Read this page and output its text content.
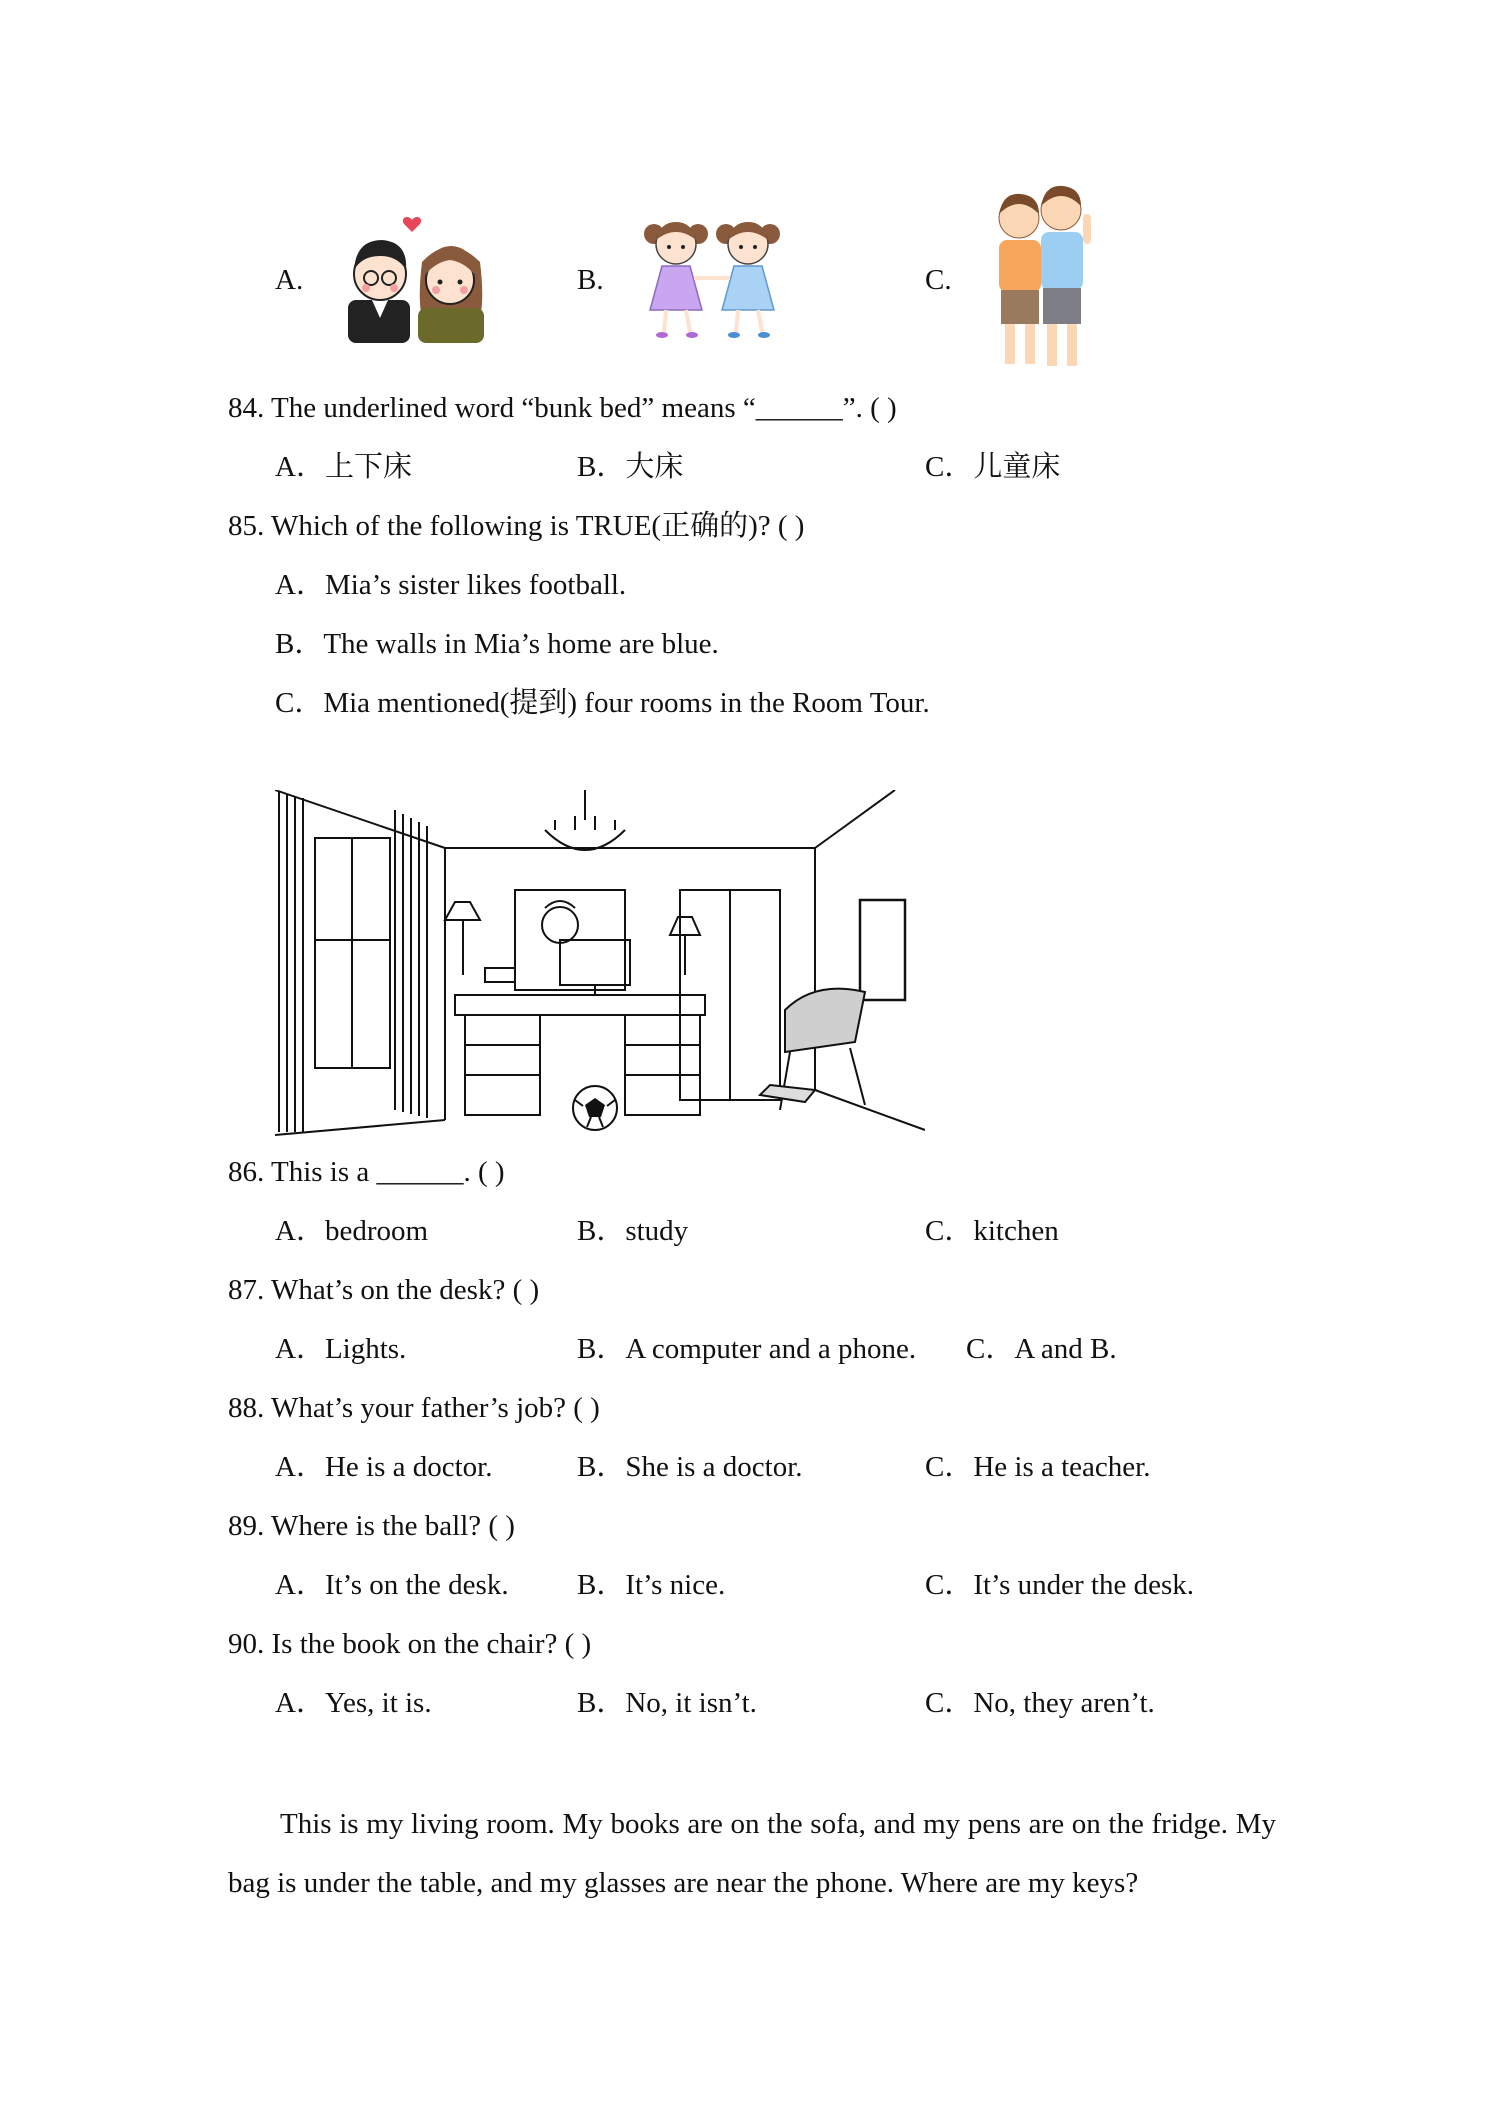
A.	B.	C.
84. The underlined word “bunk bed” means “______”. ( )
A．上下床	B．大床	C．儿童床
85. Which of the following is TRUE(正确的)? ( )
A．Mia’s sister likes football.
B．The walls in Mia’s home are blue.
C．Mia mentioned(提到) four rooms in the Room Tour.
86. This is a ______. ( )
A．bedroom	B．study	C．kitchen
87. What’s on the desk? ( )
A．Lights.	B．A computer and a phone. C．A and B.
88. What’s your father’s job? ( )
A．He is a doctor.	B．She is a doctor.	C．He is a teacher.
89. Where is the ball? ( )
A．It’s on the desk. B．It’s nice.	C．It’s under the desk.
90. Is the book on the chair? ( )
A．Yes, it is.	B．No, it isn’t.	C．No, they aren’t.
This is my living room. My books are on the sofa, and my pens are on the fridge. My bag is under the table, and my glasses are near the phone. Where are my keys?
